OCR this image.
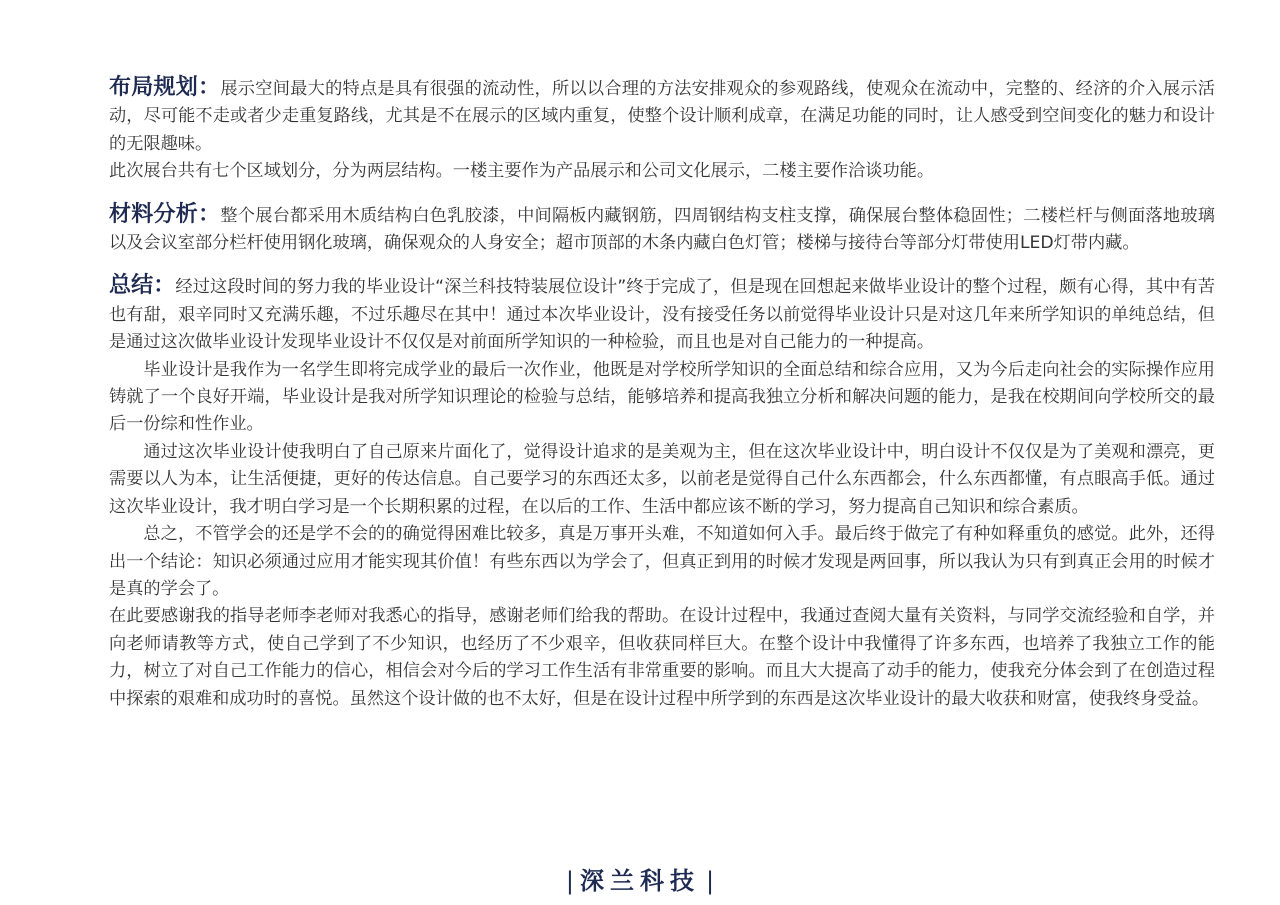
布局规划：展示空间最大的特点是具有很强的流动性，所以以合理的方法安排观众的参观路线，使观众在流动中，完整的、经济的介入展示活动，尽可能不走或者少走重复路线，尤其是不在展示的区域内重复，使整个设计顺利成章，在满足功能的同时，让人感受到空间变化的魅力和设计的无限趣味。

此次展台共有七个区域划分，分为两层结构。一楼主要作为产品展示和公司文化展示，二楼主要作洽谈功能。

材料分析：整个展台都采用木质结构白色乳胶漆，中间隔板内藏钢筋，四周钢结构支柱支撑，确保展台整体稳固性；二楼栏杆与侧面落地玻璃以及会议室部分栏杆使用钢化玻璃，确保观众的人身安全；超市顶部的木条内藏白色灯管；楼梯与接待台等部分灯带使用LED灯带内藏。

总结：经过这段时间的努力我的毕业设计“深兰科技特装展位设计”终于完成了，但是现在回想起来做毕业设计的整个过程，颇有心得，其中有苦也有甜，艰辛同时又充满乐趣，不过乐趣尽在其中！通过本次毕业设计，没有接受任务以前觉得毕业设计只是对这几年来所学知识的单纯总结，但是通过这次做毕业设计发现毕业设计不仅仅是对前面所学知识的一种检验，而且也是对自己能力的一种提高。

毕业设计是我作为一名学生即将完成学业的最后一次作业，他既是对学校所学知识的全面总结和综合应用，又为今后走向社会的实际操作应用铸就了一个良好开端，毕业设计是我对所学知识理论的检验与总结，能够培养和提高我独立分析和解决问题的能力，是我在校期间向学校所交的最后一份综和性作业。

通过这次毕业设计使我明白了自己原来片面化了，觉得设计追求的是美观为主，但在这次毕业设计中，明白设计不仅仅是为了美观和漂亮，更需要以人为本，让生活便捷，更好的传达信息。自己要学习的东西还太多，以前老是觉得自己什么东西都会，什么东西都懂，有点眼高手低。通过这次毕业设计，我才明白学习是一个长期积累的过程，在以后的工作、生活中都应该不断的学习，努力提高自己知识和综合素质。

总之，不管学会的还是学不会的的确觉得困难比较多，真是万事开头难，不知道如何入手。最后终于做完了有种如释重负的感觉。此外，还得出一个结论：知识必须通过应用才能实现其价值！有些东西以为学会了，但真正到用的时候才发现是两回事，所以我认为只有到真正会用的时候才是真的学会了。

在此要感谢我的指导老师李老师对我悉心的指导，感谢老师们给我的帮助。在设计过程中，我通过查阅大量有关资料，与同学交流经验和自学，并向老师请教等方式，使自己学到了不少知识，也经历了不少艰辛，但收获同样巨大。在整个设计中我懂得了许多东西，也培养了我独立工作的能力，树立了对自己工作能力的信心，相信会对今后的学习工作生活有非常重要的影响。而且大大提高了动手的能力，使我充分体会到了在创造过程中探索的艰难和成功时的喜悦。虽然这个设计做的也不太好，但是在设计过程中所学到的东西是这次毕业设计的最大收获和财富，使我终身受益。

| 深兰科技 |
